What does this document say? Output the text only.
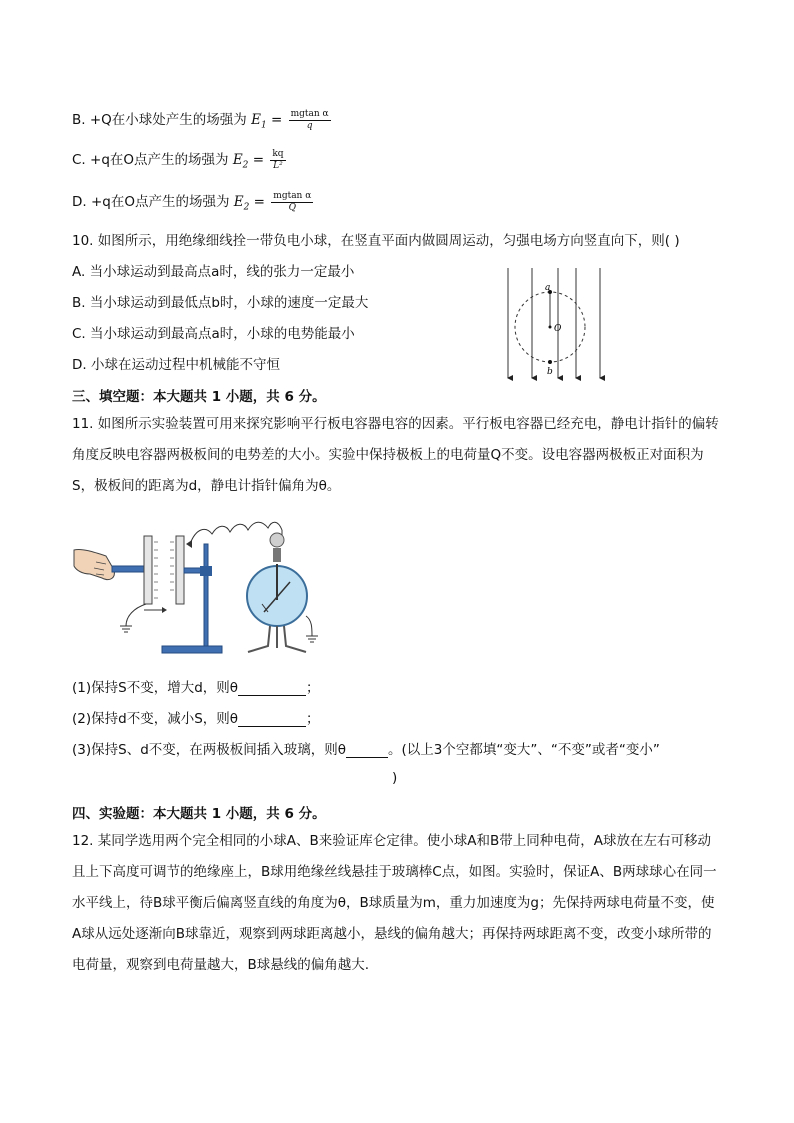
B. +Q在小球处产生的场强为 $E_1 = \frac{\text{mgtan α}}{q}$
C. +q在O点产生的场强为 $E_2 = \frac{kq}{\text{L²}}$
D. +q在O点产生的场强为 $E_2 = \frac{\text{mgtan α}}{Q}$
10. 如图所示，用绝缘细线拴一带负电小球，在竖直平面内做圆周运动，匀强电场方向竖直向下，则( )
A. 当小球运动到最高点a时，线的张力一定最小
B. 当小球运动到最低点b时，小球的速度一定最大
C. 当小球运动到最高点a时，小球的电势能最小
D. 小球在运动过程中机械能不守恒
a
O
b
三、填空题：本大题共 1 小题，共 6 分。
11. 如图所示实验装置可用来探究影响平行板电容器电容的因素。平行板电容器已经充电，静电计指针的偏转角度反映电容器两极板间的电势差的大小。实验中保持极板上的电荷量Q不变。设电容器两极板正对面积为S，极板间的距离为d，静电计指针偏角为θ。
(1)保持S不变，增大d，则θ	；
(2)保持d不变，减小S，则θ	；
(3)保持S、d不变，在两极板间插入玻璃，则θ	。(以上3个空都填“变大”、“不变”或者“变小”
)
四、实验题：本大题共 1 小题，共 6 分。
12. 某同学选用两个完全相同的小球A、B来验证库仑定律。使小球A和B带上同种电荷，A球放在左右可移动且上下高度可调节的绝缘座上，B球用绝缘丝线悬挂于玻璃棒C点，如图。实验时，保证A、B两球球心在同一水平线上，待B球平衡后偏离竖直线的角度为θ，B球质量为m，重力加速度为g；先保持两球电荷量不变，使A球从远处逐渐向B球靠近，观察到两球距离越小，悬线的偏角越大；再保持两球距离不变，改变小球所带的电荷量，观察到电荷量越大，B球悬线的偏角越大.
